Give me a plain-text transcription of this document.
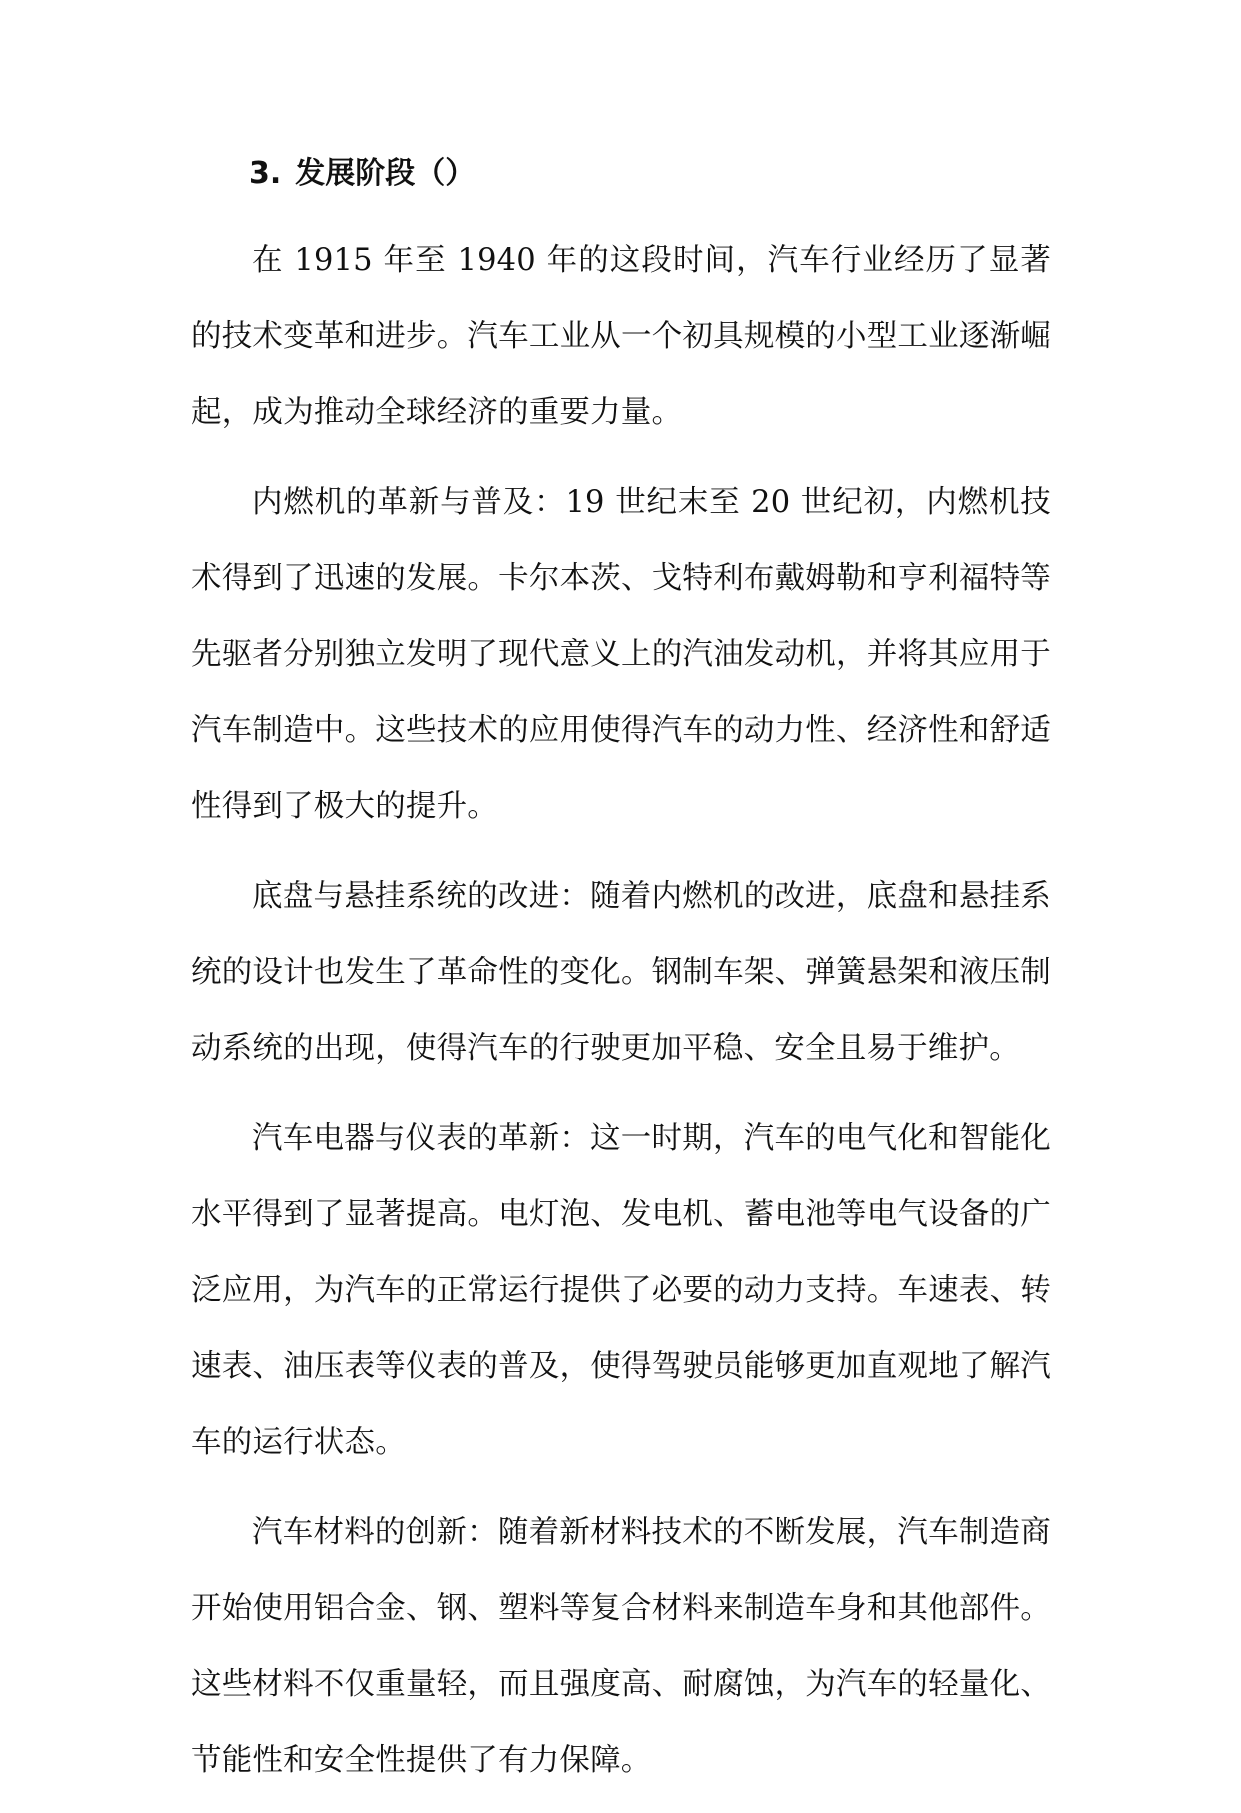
3. 发展阶段（）

在 1915 年至 1940 年的这段时间，汽车行业经历了显著的技术变革和进步。汽车工业从一个初具规模的小型工业逐渐崛起，成为推动全球经济的重要力量。

内燃机的革新与普及：19 世纪末至 20 世纪初，内燃机技术得到了迅速的发展。卡尔本茨、戈特利布戴姆勒和亨利福特等先驱者分别独立发明了现代意义上的汽油发动机，并将其应用于汽车制造中。这些技术的应用使得汽车的动力性、经济性和舒适性得到了极大的提升。

底盘与悬挂系统的改进：随着内燃机的改进，底盘和悬挂系统的设计也发生了革命性的变化。钢制车架、弹簧悬架和液压制动系统的出现，使得汽车的行驶更加平稳、安全且易于维护。

汽车电器与仪表的革新：这一时期，汽车的电气化和智能化水平得到了显著提高。电灯泡、发电机、蓄电池等电气设备的广泛应用，为汽车的正常运行提供了必要的动力支持。车速表、转速表、油压表等仪表的普及，使得驾驶员能够更加直观地了解汽车的运行状态。

汽车材料的创新：随着新材料技术的不断发展，汽车制造商开始使用铝合金、钢、塑料等复合材料来制造车身和其他部件。这些材料不仅重量轻，而且强度高、耐腐蚀，为汽车的轻量化、节能性和安全性提供了有力保障。
